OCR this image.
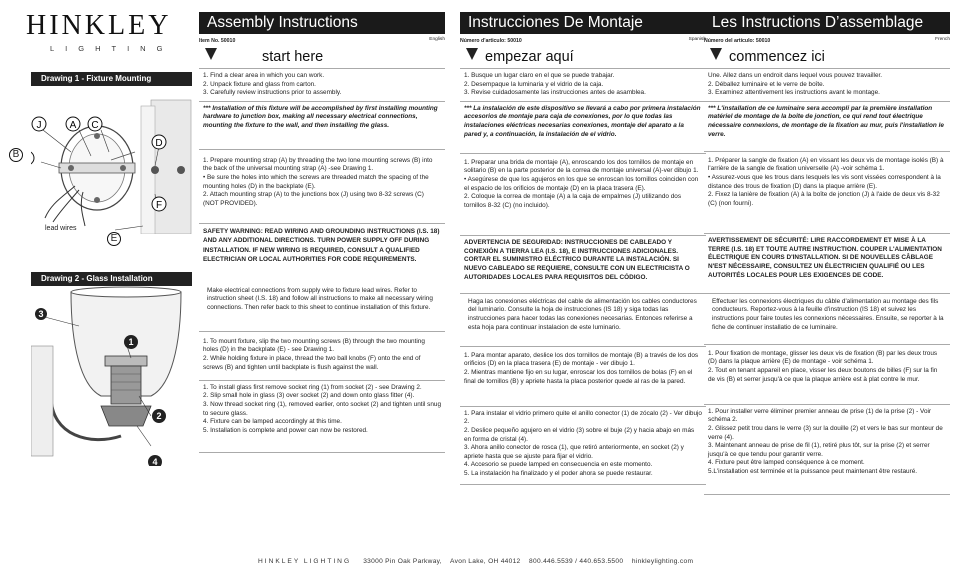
HINKLEY
LIGHTING
Drawing 1 - Fixture Mounting
J	A C
D
F
lead wires
B
E
Drawing 2 - Glass Installation
3
1
2
4
Assembly Instructions
Item No. 50010	English
start here
1. Find a clear area in which you can work.
2. Unpack fixture and glass from carton.
3. Carefully review instructions prior to assembly.
*** Installation of this fixture will be accomplished by first installing mounting hardware to junction box, making all necessary electrical connections, mounting the fixture to the wall, and then installing the glass.
1. Prepare mounting strap (A) by threading the two lone mounting screws (B) into the back of the universal mounting strap (A) -see Drawing 1.
• Be sure the holes into which the screws are threaded match the spacing of the mounting holes (D) in the backplate (E).
2. Attach mounting strap (A) to the junctions box (J) using two 8-32 screws (C) (NOT PROVIDED).
SAFETY WARNING: READ WIRING AND GROUNDING INSTRUCTIONS (I.S. 18) AND ANY ADDITIONAL DIRECTIONS. TURN POWER SUPPLY OFF DURING INSTALLATION. IF NEW WIRING IS REQUIRED, CONSULT A QUALIFIED ELECTRICIAN OR LOCAL AUTHORITIES FOR CODE REQUIREMENTS.
Make electrical connections from supply wire to fixture lead wires. Refer to instruction sheet (I.S. 18) and follow all instructions to make all necessary wiring connections. Then refer back to this sheet to continue installation of this fixture.
1. To mount fixture, slip the two mounting screws (B) through the two mounting holes (D) in the backplate (E) - see Drawing 1.
2. While holding fixture in place, thread the two ball knobs (F) onto the end of screws (B) and tighten until backplate is flush against the wall.
1. To install glass first remove socket ring (1) from socket (2) - see Drawing 2.
2. Slip small hole in glass (3) over socket (2) and down onto glass fitter (4).
3. Now thread socket ring (1), removed earlier, onto socket (2) and tighten until snug to secure glass.
4. Fixture can be lamped accordingly at this time.
5. Installation is complete and power can now be restored.
Instrucciones De Montaje
Número d'articulo: 50010	Spanish
empezar aquí
1. Busque un lugar claro en el que se puede trabajar.
2. Desempaque la luminaria y el vidrio de la caja.
3. Revise cuidadosamente las instrucciones antes de asamblea.
*** La instalación de este dispositivo se llevará a cabo por primera instalación accesorios de montaje para caja de conexiones, por lo que todas las instalaciones eléctricas necesarias conexiones, montaje del aparato a la pared y, a continuación, la instalación de el vidrio.
1. Preparar una brida de montaje (A), enroscando los dos tornillos de montaje en solitario (B) en la parte posterior de la correa de montaje universal (A)-ver dibujo 1.
• Asegúrese de que los agujeros en los que se enroscan los tornillos coinciden con el espacio de los orificios de montaje (D) en la placa trasera (E).
2. Coloque la correa de montaje (A) a la caja de empalmes (J) utilizando dos tornillos 8-32 (C) (no incluido).
ADVERTENCIA DE SEGURIDAD: INSTRUCCIONES DE CABLEADO Y CONEXIÓN A TIERRA LEA (I.S. 18), E INSTRUCCIONES ADICIONALES. CORTAR EL SUMINISTRO ELÉCTRICO DURANTE LA INSTALACIÓN. SI NUEVO CABLEADO SE REQUIERE, CONSULTE CON UN ELECTRICISTA O AUTORIDADES LOCALES PARA REQUISITOS DEL CÓDIGO.
Haga las conexiones eléctricas del cable de alimentación los cables conductores del luminario. Consulte la hoja de instrucciones (IS 18) y siga todas las instrucciones para hacer todas las conexiones necesarias. Entonces referirse a esta hoja para continuar instalacion de este luminario.
1. Para montar aparato, deslice los dos tornillos de montaje (B) a través de los dos orificios (D) en la placa trasera (E) de montaje - ver dibujo 1.
2. Mientras mantiene fijo en su lugar, enroscar los dos tornillos de bolas (F) en el final de tornillos (B) y apriete hasta la placa posterior quede al ras de la pared.
1. Para instalar el vidrio primero quite el anillo conector (1) de zócalo (2) - Ver dibujo 2.
2. Deslice pequeño agujero en el vidrio (3) sobre el buje (2) y hacia abajo en más en forma de cristal (4).
3. Ahora anillo conector de rosca (1), que retiró anteriormente, en socket (2) y apriete hasta que se ajuste para fijar el vidrio.
4. Accesorio se puede lamped en consecuencia en este momento.
5. La instalación ha finalizado y el poder ahora se puede restaurar.
Les Instructions D’assemblage
Número del artículo: 50010	French
commencez ici
Une. Allez dans un endroit dans lequel vous pouvez travailler.
2. Déballez luminaire et le verre de boîte.
3. Examinez attentivement les instructions avant le montage.
*** L'installation de ce luminaire sera accompli par la première installation matériel de montage de la boîte de jonction, ce qui rend tout électrique nécessaire connexions, de montage de la fixation au mur, puis l'installation le verre.
1. Préparer la sangle de fixation (A) en vissant les deux vis de montage isolés (B) à l'arrière de la sangle de fixation universelle (A) -voir schéma 1.
• Assurez-vous que les trous dans lesquels les vis sont vissées correspondent à la distance des trous de fixation (D) dans la plaque arrière (E).
2. Fixez la lanière de fixation (A) à la boîte de jonction (J) à l'aide de deux vis 8-32 (C) (non fourni).
AVERTISSEMENT DE SÉCURITÉ: LIRE RACCORDEMENT ET MISE À LA TERRE (I.S. 18) ET TOUTE AUTRE INSTRUCTION. COUPER L'ALIMENTATION ÉLECTRIQUE EN COURS D'INSTALLATION. SI DE NOUVELLES CÂBLAGE N'EST NÉCESSAIRE, CONSULTEZ UN ÉLECTRICIEN QUALIFIÉ OU LES AUTORITÉS LOCALES POUR LES EXIGENCES DE CODE.
Effectuer les connexions électriques du câble d'alimentation au montage des fils conducteurs. Reportez-vous à la feuille d'instruction (IS 18) et suivez les instructions pour faire toutes les connexions nécessaires. Ensuite, se reporter à la fiche de continuer installatio de ce luminaire.
1. Pour fixation de montage, glisser les deux vis de fixation (B) par les deux trous (D) dans la plaque arrière (E) de montage - voir schéma 1.
2. Tout en tenant appareil en place, visser les deux boutons de billes (F) sur la fin de vis (B) et serrer jusqu'à ce que la plaque arrière est à plat contre le mur.
1. Pour installer verre éliminer premier anneau de prise (1) de la prise (2) - Voir schéma 2.
2. Glissez petit trou dans le verre (3) sur la douille (2) et vers le bas sur monteur de verre (4).
3. Maintenant anneau de prise de fil (1), retiré plus tôt, sur la prise (2) et serrer jusqu'à ce que tendu pour garantir verre.
4. Fixture peut être lamped conséquence à ce moment.
5.L'installation est terminée et la puissance peut maintenant être restauré.
HINKLEY LIGHTING 33000 Pin Oak Parkway,    Avon Lake, OH 44012    800.446.5539 / 440.653.5500    hinkleylighting.com
